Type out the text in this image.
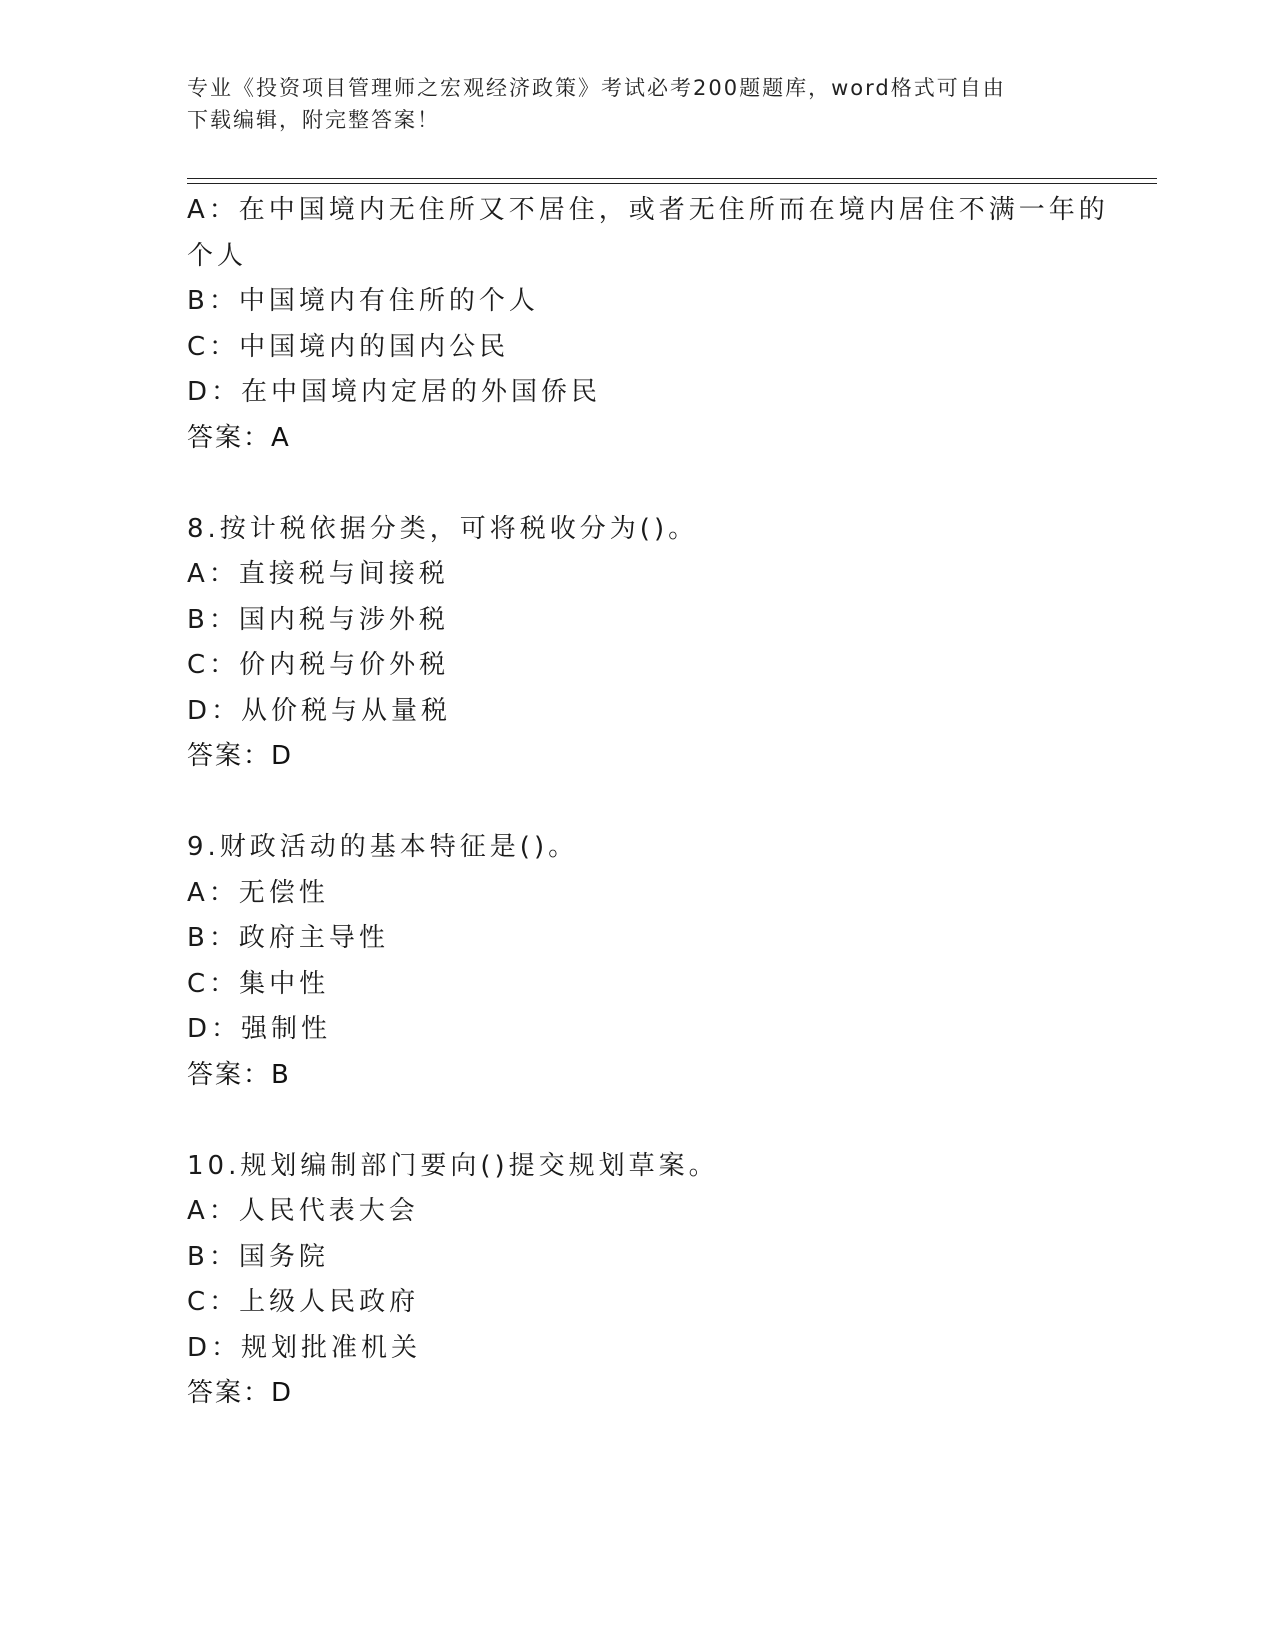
专业《投资项目管理师之宏观经济政策》考试必考200题题库，word格式可自由
下载编辑，附完整答案！
A：在中国境内无住所又不居住，或者无住所而在境内居住不满一年的
个人
B：中国境内有住所的个人
C：中国境内的国内公民
D：在中国境内定居的外国侨民
答案：A
8.按计税依据分类，可将税收分为()。
A：直接税与间接税
B：国内税与涉外税
C：价内税与价外税
D：从价税与从量税
答案：D
9.财政活动的基本特征是()。
A：无偿性
B：政府主导性
C：集中性
D：强制性
答案：B
10.规划编制部门要向()提交规划草案。
A：人民代表大会
B：国务院
C：上级人民政府
D：规划批准机关
答案：D
